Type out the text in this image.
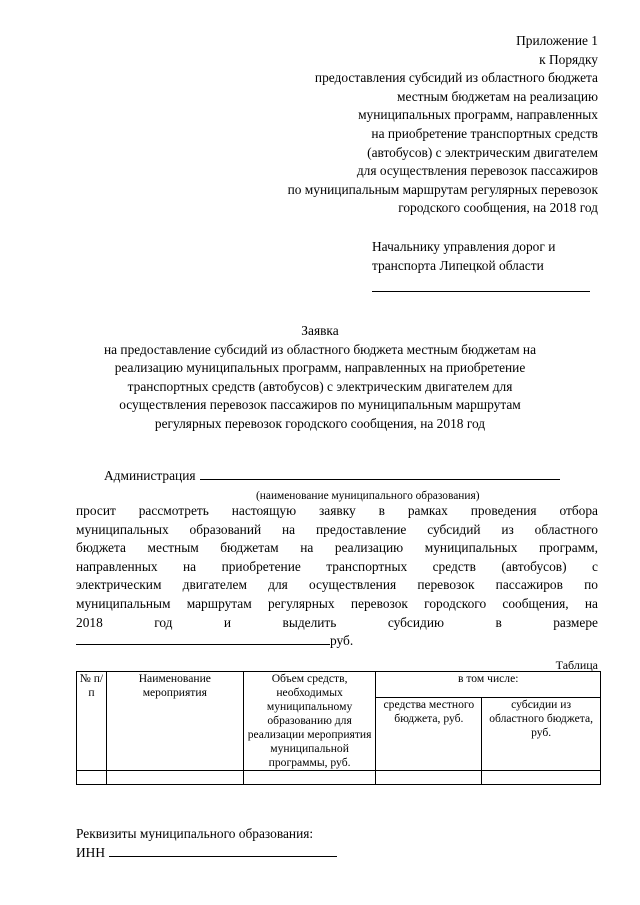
Приложение 1
к Порядку
предоставления субсидий из областного бюджета
местным бюджетам на реализацию
муниципальных программ, направленных
на приобретение транспортных средств
(автобусов) с электрическим двигателем
для осуществления перевозок пассажиров
по муниципальным маршрутам регулярных перевозок
городского сообщения, на 2018 год
Начальнику управления дорог и
транспорта Липецкой области
Заявка
на предоставление субсидий из областного бюджета местным бюджетам на
реализацию муниципальных программ, направленных на приобретение
транспортных средств (автобусов) с электрическим двигателем для
осуществления перевозок пассажиров по муниципальным маршрутам
регулярных перевозок городского сообщения, на 2018 год
Администрация
(наименование муниципального образования)
просит рассмотреть настоящую заявку в рамках проведения отбора
муниципальных образований на предоставление субсидий из областного
бюджета местным бюджетам на реализацию муниципальных программ,
направленных на приобретение транспортных средств (автобусов) с
электрическим двигателем для осуществления перевозок пассажиров по
муниципальным маршрутам регулярных перевозок городского сообщения, на
2018 год и выделить субсидию в размере
руб.
Таблица
№ п/п	Наименование мероприятия	Объем средств, необходимых муниципальному образованию для реализации мероприятия муниципальной программы, руб.	в том числе:	
			средства местного бюджета, руб.	субсидии из областного бюджета, руб.

Реквизиты муниципального образования:
ИНН
